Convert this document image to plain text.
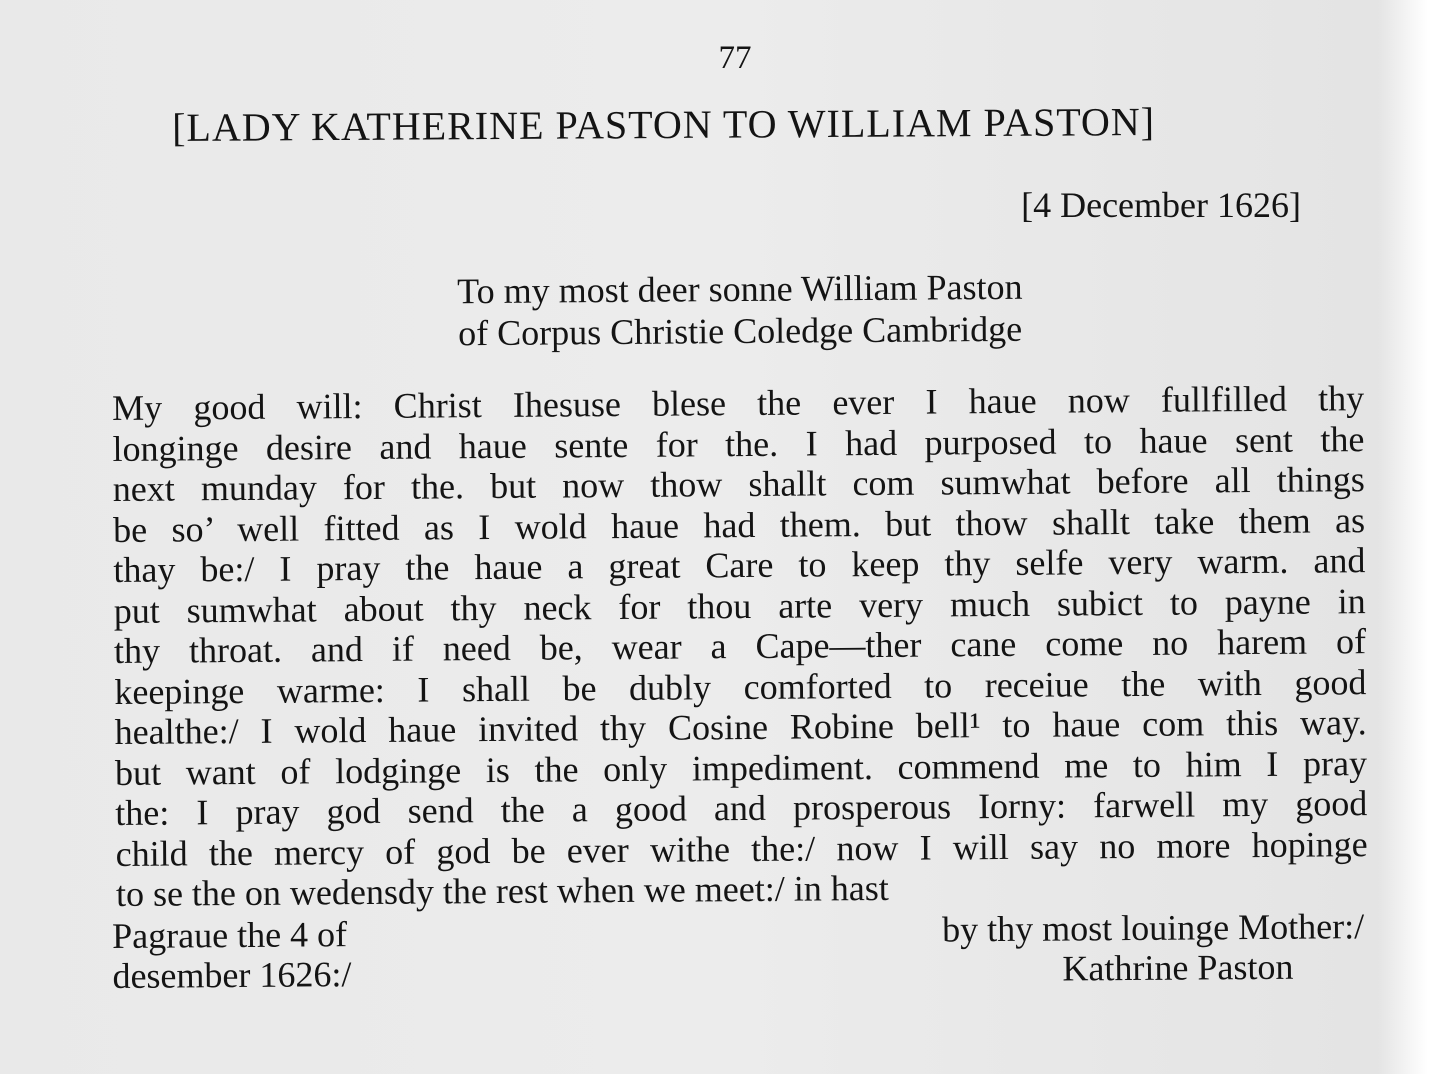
77
[LADY KATHERINE PASTON TO WILLIAM PASTON]
[4 December 1626]
To my most deer sonne William Paston
of Corpus Christie Coledge Cambridge
My good will: Christ Ihesuse blese the ever I haue now fullfilled thy
longinge desire and haue sente for the. I had purposed to haue sent the
next munday for the. but now thow shallt com sumwhat before all things
be so’ well fitted as I wold haue had them. but thow shallt take them as
thay be:/ I pray the haue a great Care to keep thy selfe very warm. and
put sumwhat about thy neck for thou arte very much subict to payne in
thy throat. and if need be, wear a Cape—ther cane come no harem of
keepinge warme: I shall be dubly comforted to receiue the with good
healthe:/ I wold haue invited thy Cosine Robine bell¹ to haue com this way.
but want of lodginge is the only impediment. commend me to him I pray
the: I pray god send the a good and prosperous Iorny: farwell my good
child the mercy of god be ever withe the:/ now I will say no more hopinge
to se the on wedensdy the rest when we meet:/ in hast
Pagraue the 4 of
desember 1626:/
by thy most louinge Mother:/
Kathrine Paston
